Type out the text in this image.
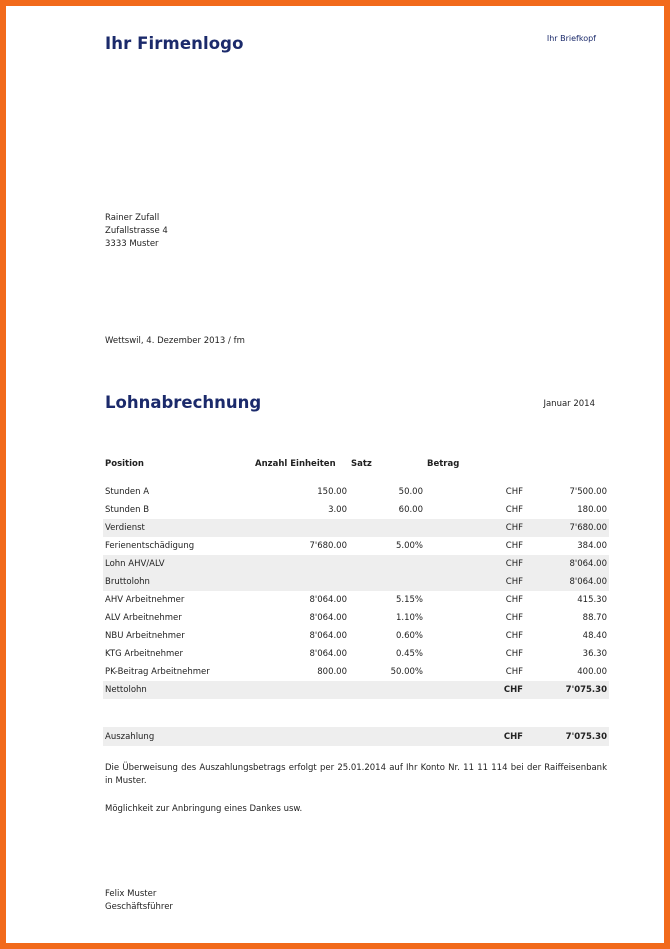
Ihr Firmenlogo	Ihr Briefkopf
Rainer Zufall
Zufallstrasse 4
3333 Muster
Wettswil, 4. Dezember 2013 / fm
Lohnabrechnung	Januar 2014
Position	Anzahl Einheiten	Satz	Betrag	

Stunden A	150.00	50.00	CHF	7'500.00
Stunden B	3.00	60.00	CHF	180.00
Verdienst			CHF	7'680.00
Ferienentschädigung	7'680.00	5.00%	CHF	384.00
Lohn AHV/ALV			CHF	8'064.00
Bruttolohn			CHF	8'064.00
AHV Arbeitnehmer	8'064.00	5.15%	CHF	415.30
ALV Arbeitnehmer	8'064.00	1.10%	CHF	88.70
NBU Arbeitnehmer	8'064.00	0.60%	CHF	48.40
KTG Arbeitnehmer	8'064.00	0.45%	CHF	36.30
PK-Beitrag Arbeitnehmer	800.00	50.00%	CHF	400.00
Nettolohn			CHF	7'075.30
Auszahlung			CHF	7'075.30
Die Überweisung des Auszahlungsbetrags erfolgt per 25.01.2014 auf Ihr Konto Nr. 11 11 114 bei der Raiffeisenbank in Muster.
Möglichkeit zur Anbringung eines Dankes usw.
Felix Muster
Geschäftsführer
